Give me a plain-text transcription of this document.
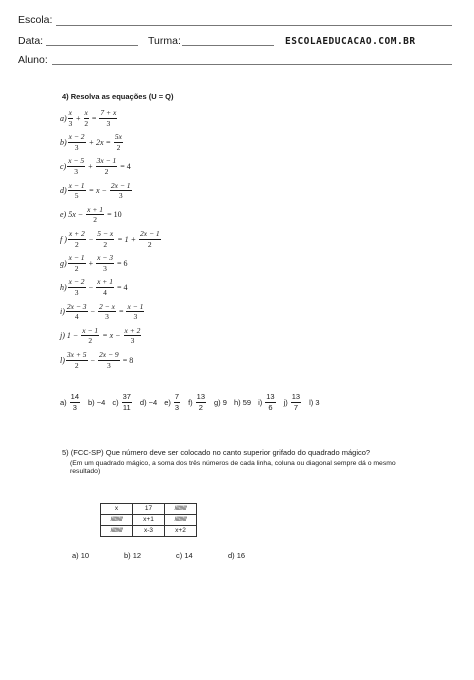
Escola:
Data:	Turma:	ESCOLAEDUCACAO.COM.BR
Aluno:
4) Resolva as equações (U = Q)
$a) \frac{x}{3} + \frac{x}{2} = \frac{7 + x}{3}$
$b) \frac{x - 2}{3} + 2x = \frac{5x}{2}$
$c) \frac{x - 5}{3} + \frac{3x - 1}{2} = 4$
$d) \frac{x - 1}{5} = x - \frac{2x - 1}{3}$
e) $5x - \frac{x + 1}{2} = 10$
f ) $\frac{x + 2}{2} - \frac{5 - x}{2} = 1 + \frac{2x - 1}{2}$
$g) \frac{x - 1}{2} + \frac{x - 3}{3} = 6$
$h) \frac{x - 2}{3} - \frac{x + 1}{4} = 4$
$i) \frac{2x - 3}{4} - \frac{2 - x}{3} = \frac{x - 1}{3}$
j) $1 - \frac{x - 1}{2} = x - \frac{x + 2}{3}$
$l) \frac{3x + 5}{2} - \frac{2x - 9}{3} = 8$
$a) \frac{14}{3} b) -4$ $c) \frac{37}{11} d) -4$ $e) \frac{7}{3} f) \frac{13}{2} g$) 9 h) 59 $i) \frac{13}{6} j) \frac{13}{7} l$) 3
5) (FCC-SP) Que número deve ser colocado no canto superior grifado do quadrado mágico?
(Em um quadrado mágico, a soma dos três números de cada linha, coluna ou diagonal sempre dá o mesmo resultado)
x	17	//////////
//////////	x+1	//////////
//////////	x-3	x+2
a) 10	b) 12	c) 14	d) 16
